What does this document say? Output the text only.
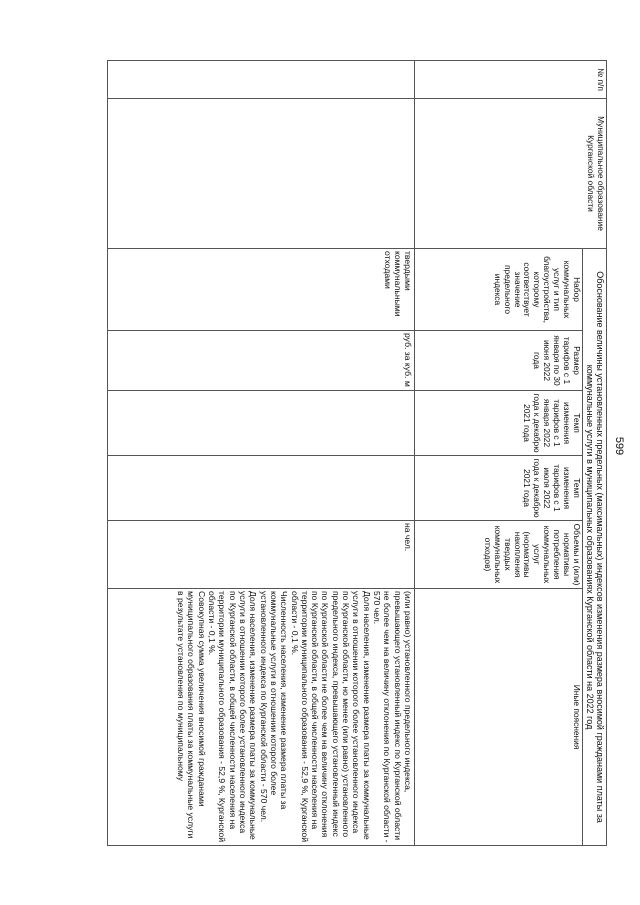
599
№ п/п	Муниципальное образование Курганской области	Обоснование величины установленных предельных (максимальных) индексов изменения размера вносимой гражданами платы за коммунальные услуги в муниципальных образованиях Курганской области на 2022 год					
		Набор коммунальных услуг и тип благоустройства, которому соответствует значение предельного индекса	Размер тарифов с 1 января по 30 июня 2022 года	Темп изменения тарифов с 1 января 2022 года к декабрю 2021 года	Темп изменения тарифов с 1 июля 2022 года к декабрю 2021 года	Объемы и (или) нормативы потребления коммунальных услуг (нормативы накопления твердых коммунальных отходов)	Иные пояснения
		твердыми коммунальными отходами	руб. за куб. м			на чел.	(или равно) установленного предельного индекса, превышающего установленный индекс по Курганской области не более чем на величину отклонения по Курганской области - 570 чел.
Доля населения, изменение размера платы за коммунальные услуги в отношении которого более установленного индекса по Курганской области, но менее (или равно) установленного предельного индекса, превышающего установленный индекс по Курганской области не более чем на величину отклонения по Курганской области, в общей численности населения на территории муниципального образования - 52,9 %, Курганской области - 0,1 %.
Численность населения, изменение размера платы за коммунальные услуги в отношении которого более установленного индекса по Курганской области - 570 чел.
Доля населения, изменение размера платы за коммунальные услуги в отношении которого более установленного индекса по Курганской области, в общей численности населения на территории муниципального образования - 52,9 %, Курганской области - 0,1 %.
Совокупная сумма увеличения вносимой гражданами муниципального образования платы за коммунальные услуги в результате установления по муниципальному
